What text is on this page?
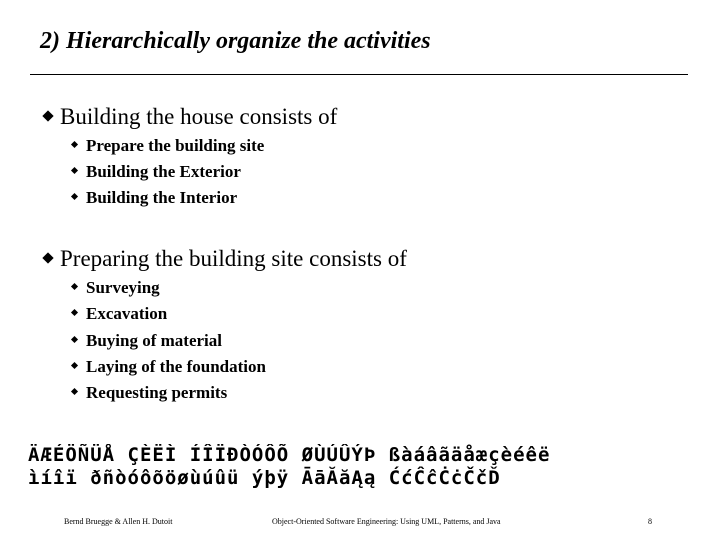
2) Hierarchically organize the activities
Building the house consists of
Prepare the building site
Building the Exterior
Building the Interior
Preparing the building site consists of
Surveying
Excavation
Buying of material
Laying of the foundation
Requesting permits
ÄÆÉÖÑÜÅ ÇÈËÌ ÍÎÏÐÒÓÔÕ ØÙÚÛÝÞ ßàáâãäåæçèéêë
ìíîï ðñòóôõöøùúûü ýþÿ ĀāĂăĄą ĆćĈĉĊċČčĎ
Bernd Bruegge & Allen H. Dutoit	Object-Oriented Software Engineering: Using UML, Patterns, and Java	8
